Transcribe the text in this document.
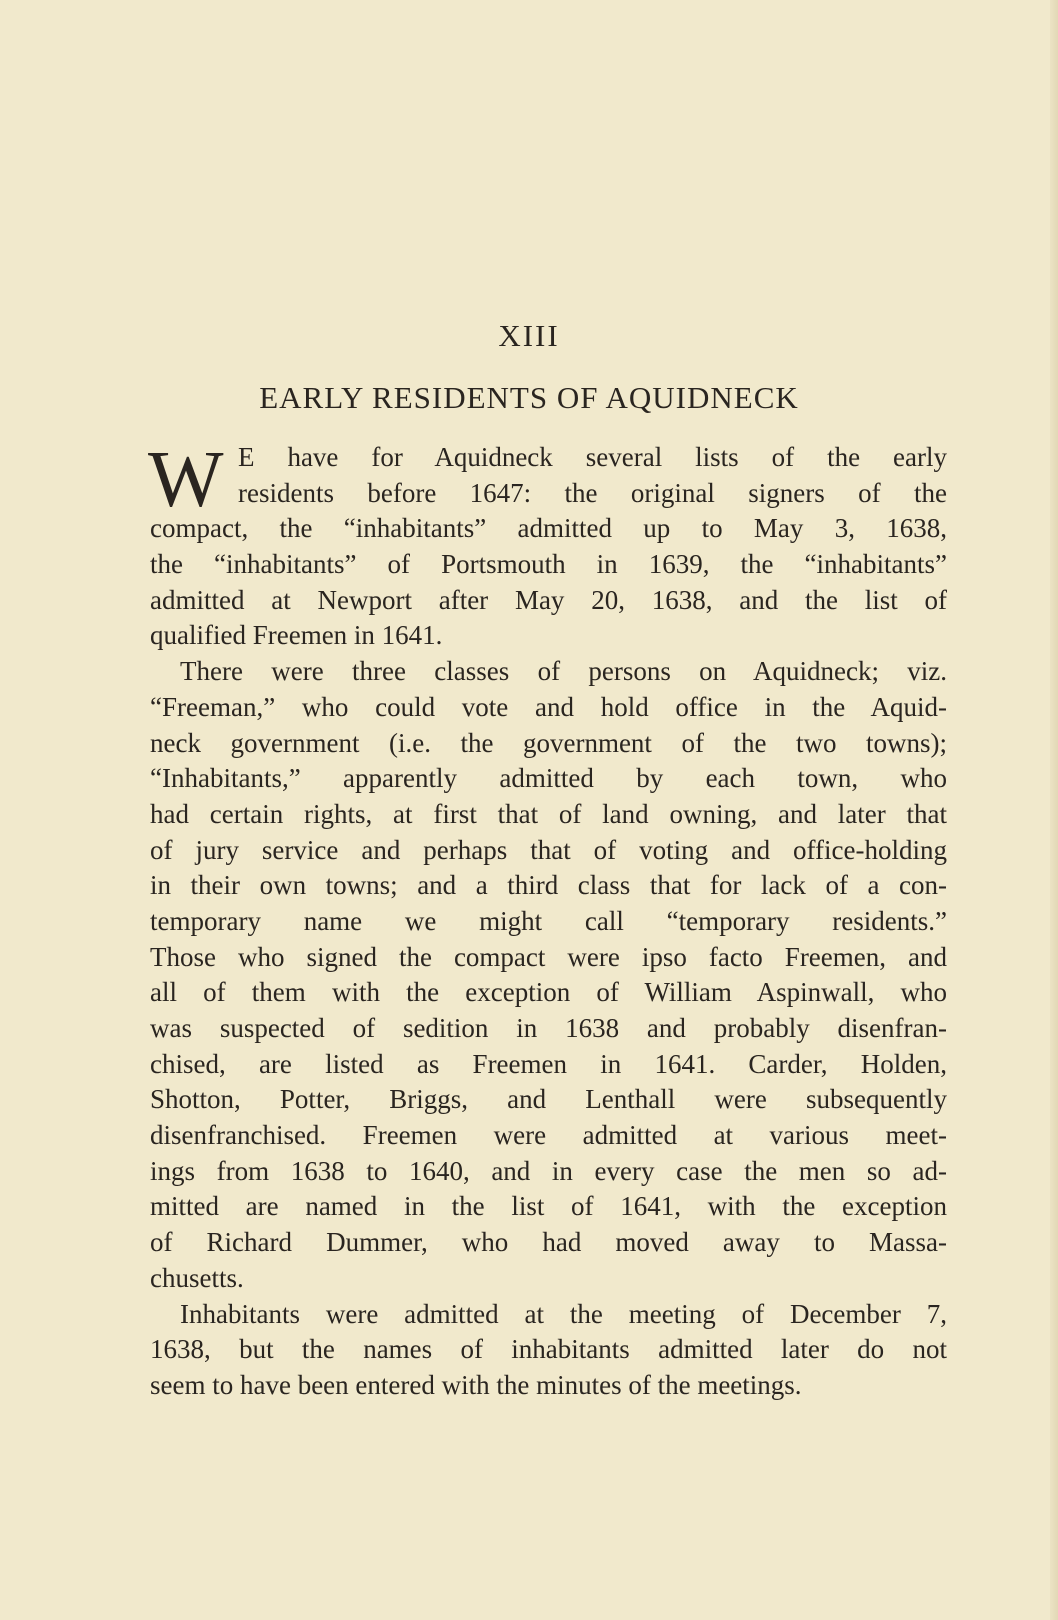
XIII
EARLY RESIDENTS OF AQUIDNECK
W E have for Aquidneck several lists of the early
residents before 1647: the original signers of the
compact, the “inhabitants” admitted up to May 3, 1638,
the “inhabitants” of Portsmouth in 1639, the “inhabitants”
admitted at Newport after May 20, 1638, and the list of
qualified Freemen in 1641.
There were three classes of persons on Aquidneck; viz.
“Freeman,” who could vote and hold office in the Aquid-
neck government (i.e. the government of the two towns);
“Inhabitants,” apparently admitted by each town, who
had certain rights, at first that of land owning, and later that
of jury service and perhaps that of voting and office-holding
in their own towns; and a third class that for lack of a con-
temporary name we might call “temporary residents.”
Those who signed the compact were ipso facto Freemen, and
all of them with the exception of William Aspinwall, who
was suspected of sedition in 1638 and probably disenfran-
chised, are listed as Freemen in 1641. Carder, Holden,
Shotton, Potter, Briggs, and Lenthall were subsequently
disenfranchised. Freemen were admitted at various meet-
ings from 1638 to 1640, and in every case the men so ad-
mitted are named in the list of 1641, with the exception
of Richard Dummer, who had moved away to Massa-
chusetts.
Inhabitants were admitted at the meeting of December 7,
1638, but the names of inhabitants admitted later do not
seem to have been entered with the minutes of the meetings.
